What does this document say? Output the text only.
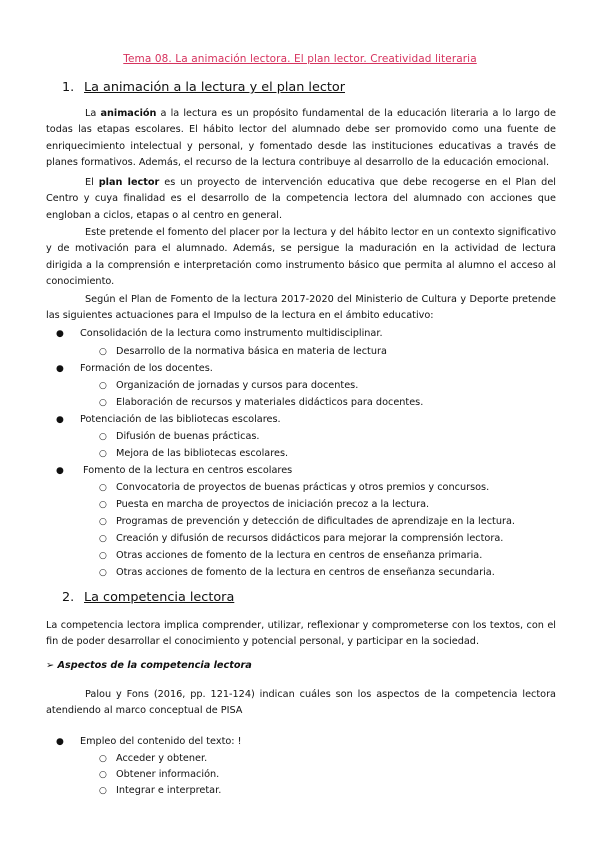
Tema 08. La animación lectora. El plan lector. Creatividad literaria
1. La animación a la lectura y el plan lector
La animación a la lectura es un propósito fundamental de la educación literaria a lo largo de todas las etapas escolares. El hábito lector del alumnado debe ser promovido como una fuente de enriquecimiento intelectual y personal, y fomentado desde las instituciones educativas a través de planes formativos. Además, el recurso de la lectura contribuye al desarrollo de la educación emocional.
El plan lector es un proyecto de intervención educativa que debe recogerse en el Plan del Centro y cuya finalidad es el desarrollo de la competencia lectora del alumnado con acciones que engloban a ciclos, etapas o al centro en general.
Este pretende el fomento del placer por la lectura y del hábito lector en un contexto significativo y de motivación para el alumnado. Además, se persigue la maduración en la actividad de lectura dirigida a la comprensión e interpretación como instrumento básico que permita al alumno el acceso al conocimiento.
Según el Plan de Fomento de la lectura 2017-2020 del Ministerio de Cultura y Deporte pretende las siguientes actuaciones para el Impulso de la lectura en el ámbito educativo:
● Consolidación de la lectura como instrumento multidisciplinar.
○ Desarrollo de la normativa básica en materia de lectura
● Formación de los docentes.
○ Organización de jornadas y cursos para docentes.
○ Elaboración de recursos y materiales didácticos para docentes.
● Potenciación de las bibliotecas escolares.
○ Difusión de buenas prácticas.
○ Mejora de las bibliotecas escolares.
● Fomento de la lectura en centros escolares
○ Convocatoria de proyectos de buenas prácticas y otros premios y concursos.
○ Puesta en marcha de proyectos de iniciación precoz a la lectura.
○ Programas de prevención y detección de dificultades de aprendizaje en la lectura.
○ Creación y difusión de recursos didácticos para mejorar la comprensión lectora.
○ Otras acciones de fomento de la lectura en centros de enseñanza primaria.
○ Otras acciones de fomento de la lectura en centros de enseñanza secundaria.
2. La competencia lectora
La competencia lectora implica comprender, utilizar, reflexionar y comprometerse con los textos, con el fin de poder desarrollar el conocimiento y potencial personal, y participar en la sociedad.
➢ Aspectos de la competencia lectora
Palou y Fons (2016, pp. 121-124) indican cuáles son los aspectos de la competencia lectora atendiendo al marco conceptual de PISA
● Empleo del contenido del texto: !
○ Acceder y obtener.
○ Obtener información.
○ Integrar e interpretar.
